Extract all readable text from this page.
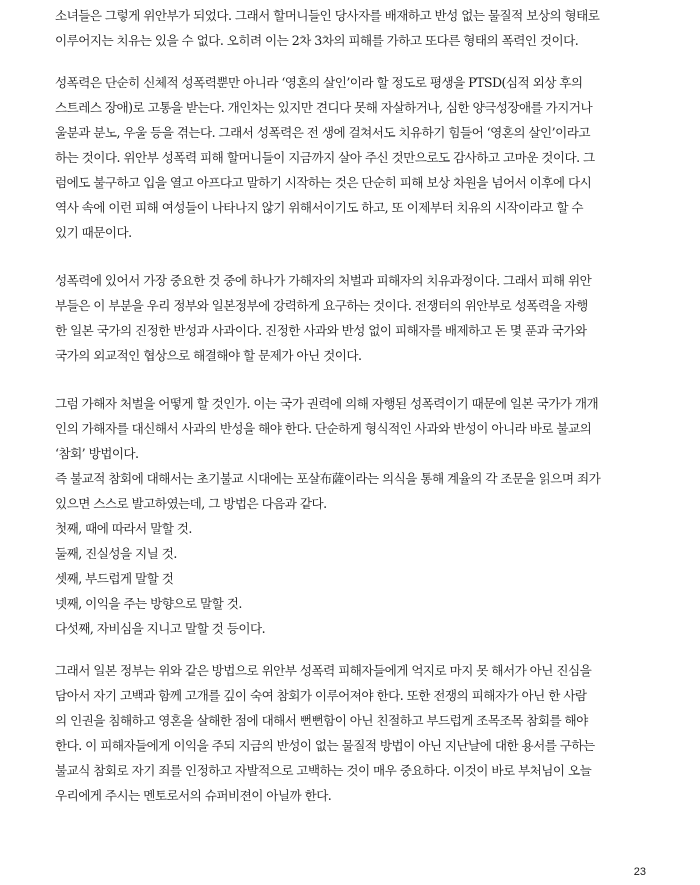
소녀들은 그렇게 위안부가 되었다. 그래서 할머니들인 당사자를 배재하고 반성 없는 물질적 보상의 형태로
이루어지는 치유는 있을 수 없다. 오히려 이는 2차 3차의 피해를 가하고 또다른 형태의 폭력인 것이다.

성폭력은 단순히 신체적 성폭력뿐만 아니라 ‘영혼의 살인’이라 할 정도로 평생을 PTSD(심적 외상 후의
스트레스 장애)로 고통을 받는다. 개인차는 있지만 견디다 못해 자살하거나, 심한 양극성장애를 가지거나
울분과 분노, 우울 등을 겪는다. 그래서 성폭력은 전 생에 걸쳐서도 치유하기 힘들어 ‘영혼의 살인’이라고
하는 것이다. 위안부 성폭력 피해 할머니들이 지금까지 살아 주신 것만으로도 감사하고 고마운 것이다. 그
럼에도 불구하고 입을 열고 아프다고 말하기 시작하는 것은 단순히 피해 보상 차원을 넘어서 이후에 다시
역사 속에 이런 피해 여성들이 나타나지 않기 위해서이기도 하고, 또 이제부터 치유의 시작이라고 할 수
있기 때문이다.

성폭력에 있어서 가장 중요한 것 중에 하나가 가해자의 처벌과 피해자의 치유과정이다. 그래서 피해 위안
부들은 이 부분을 우리 정부와 일본정부에 강력하게 요구하는 것이다. 전쟁터의 위안부로 성폭력을 자행
한 일본 국가의 진정한 반성과 사과이다. 진정한 사과와 반성 없이 피해자를 배제하고 돈 몇 푼과 국가와
국가의 외교적인 협상으로 해결해야 할 문제가 아닌 것이다.

그럼 가해자 처벌을 어떻게 할 것인가. 이는 국가 권력에 의해 자행된 성폭력이기 때문에 일본 국가가 개개
인의 가해자를 대신해서 사과의 반성을 해야 한다. 단순하게 형식적인 사과와 반성이 아니라 바로 불교의
‘참회’ 방법이다.
즉 불교적 참회에 대해서는 초기불교 시대에는 포살布薩이라는 의식을 통해 계율의 각 조문을 읽으며 죄가
있으면 스스로 발고하였는데, 그 방법은 다음과 같다.
첫째, 때에 따라서 말할 것.
둘째, 진실성을 지닐 것.
셋째, 부드럽게 말할 것
넷째, 이익을 주는 방향으로 말할 것.
다섯째, 자비심을 지니고 말할 것 등이다.

그래서 일본 정부는 위와 같은 방법으로 위안부 성폭력 피해자들에게 억지로 마지 못 해서가 아닌 진심을
담아서 자기 고백과 함께 고개를 깊이 숙여 참회가 이루어져야 한다. 또한 전쟁의 피해자가 아닌 한 사람
의 인권을 침해하고 영혼을 살해한 점에 대해서 뻔뻔함이 아닌 친절하고 부드럽게 조목조목 참회를 해야
한다. 이 피해자들에게 이익을 주되 지금의 반성이 없는 물질적 방법이 아닌 지난날에 대한 용서를 구하는
불교식 참회로 자기 죄를 인정하고 자발적으로 고백하는 것이 매우 중요하다. 이것이 바로 부처님이 오늘
우리에게 주시는 멘토로서의 슈퍼비젼이 아닐까 한다.

23
